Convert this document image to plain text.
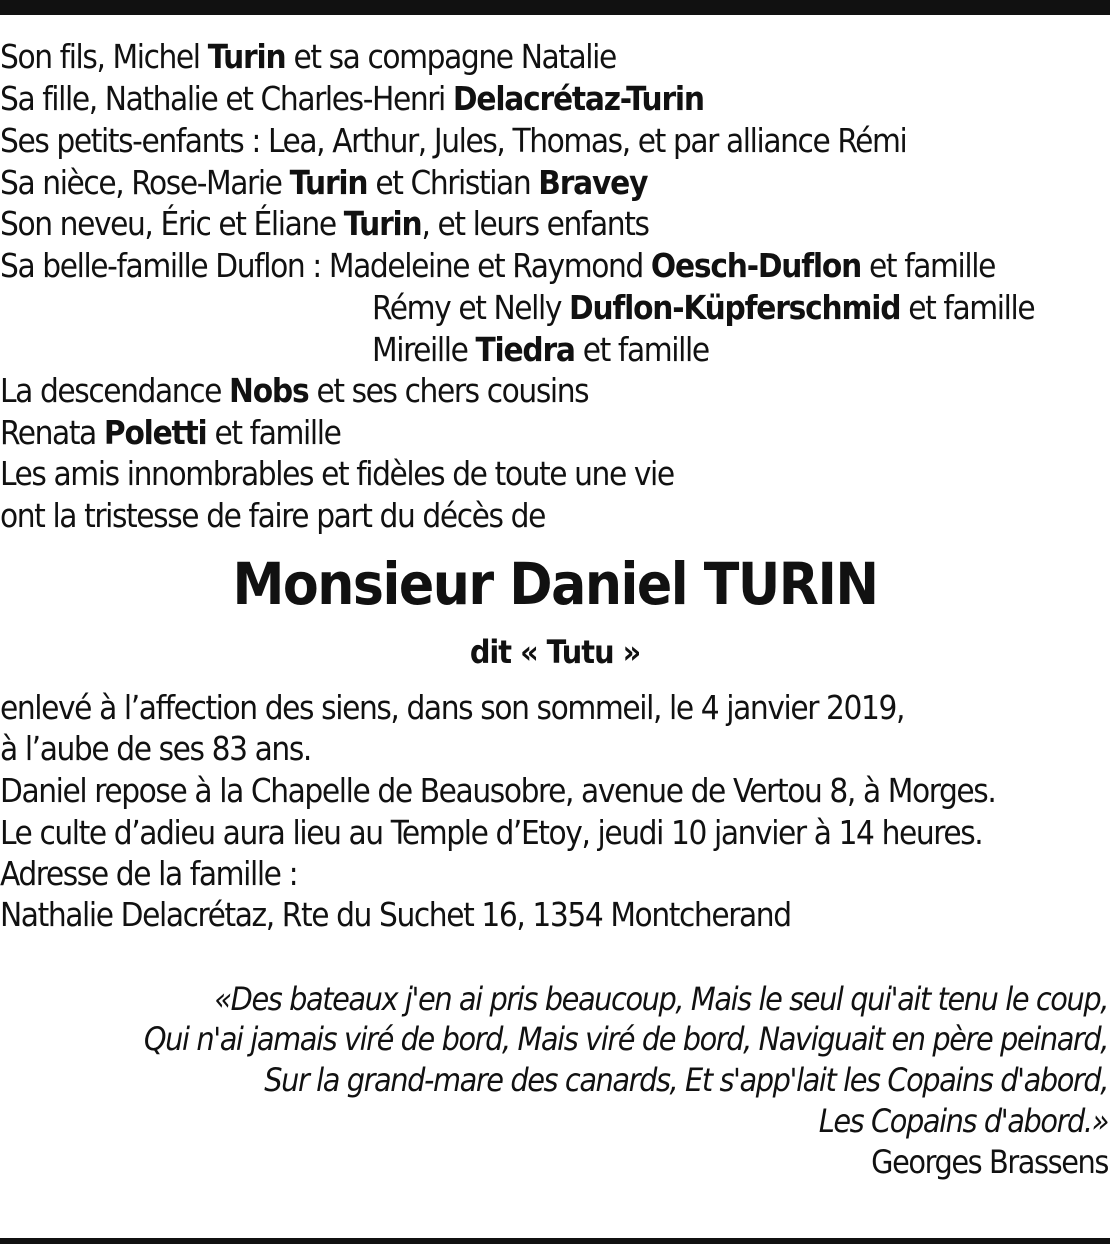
Son fils, Michel Turin et sa compagne Natalie
Sa fille, Nathalie et Charles-Henri Delacrétaz-Turin
Ses petits-enfants : Lea, Arthur, Jules, Thomas, et par alliance Rémi
Sa nièce, Rose-Marie Turin et Christian Bravey
Son neveu, Éric et Éliane Turin, et leurs enfants
Sa belle-famille Duflon : Madeleine et Raymond Oesch-Duflon et famille
Rémy et Nelly Duflon-Küpferschmid et famille
Mireille Tiedra et famille
La descendance Nobs et ses chers cousins
Renata Poletti et famille
Les amis innombrables et fidèles de toute une vie
ont la tristesse de faire part du décès de
Monsieur Daniel TURIN
dit « Tutu »
enlevé à l’affection des siens, dans son sommeil, le 4 janvier 2019,
à l’aube de ses 83 ans.
Daniel repose à la Chapelle de Beausobre, avenue de Vertou 8, à Morges.
Le culte d’adieu aura lieu au Temple d’Etoy, jeudi 10 janvier à 14 heures.
Adresse de la famille :
Nathalie Delacrétaz, Rte du Suchet 16, 1354 Montcherand
«Des bateaux j'en ai pris beaucoup, Mais le seul qui'ait tenu le coup,
Qui n'ai jamais viré de bord, Mais viré de bord, Naviguait en père peinard,
Sur la grand-mare des canards, Et s'app'lait les Copains d'abord,
Les Copains d'abord.»
Georges Brassens
